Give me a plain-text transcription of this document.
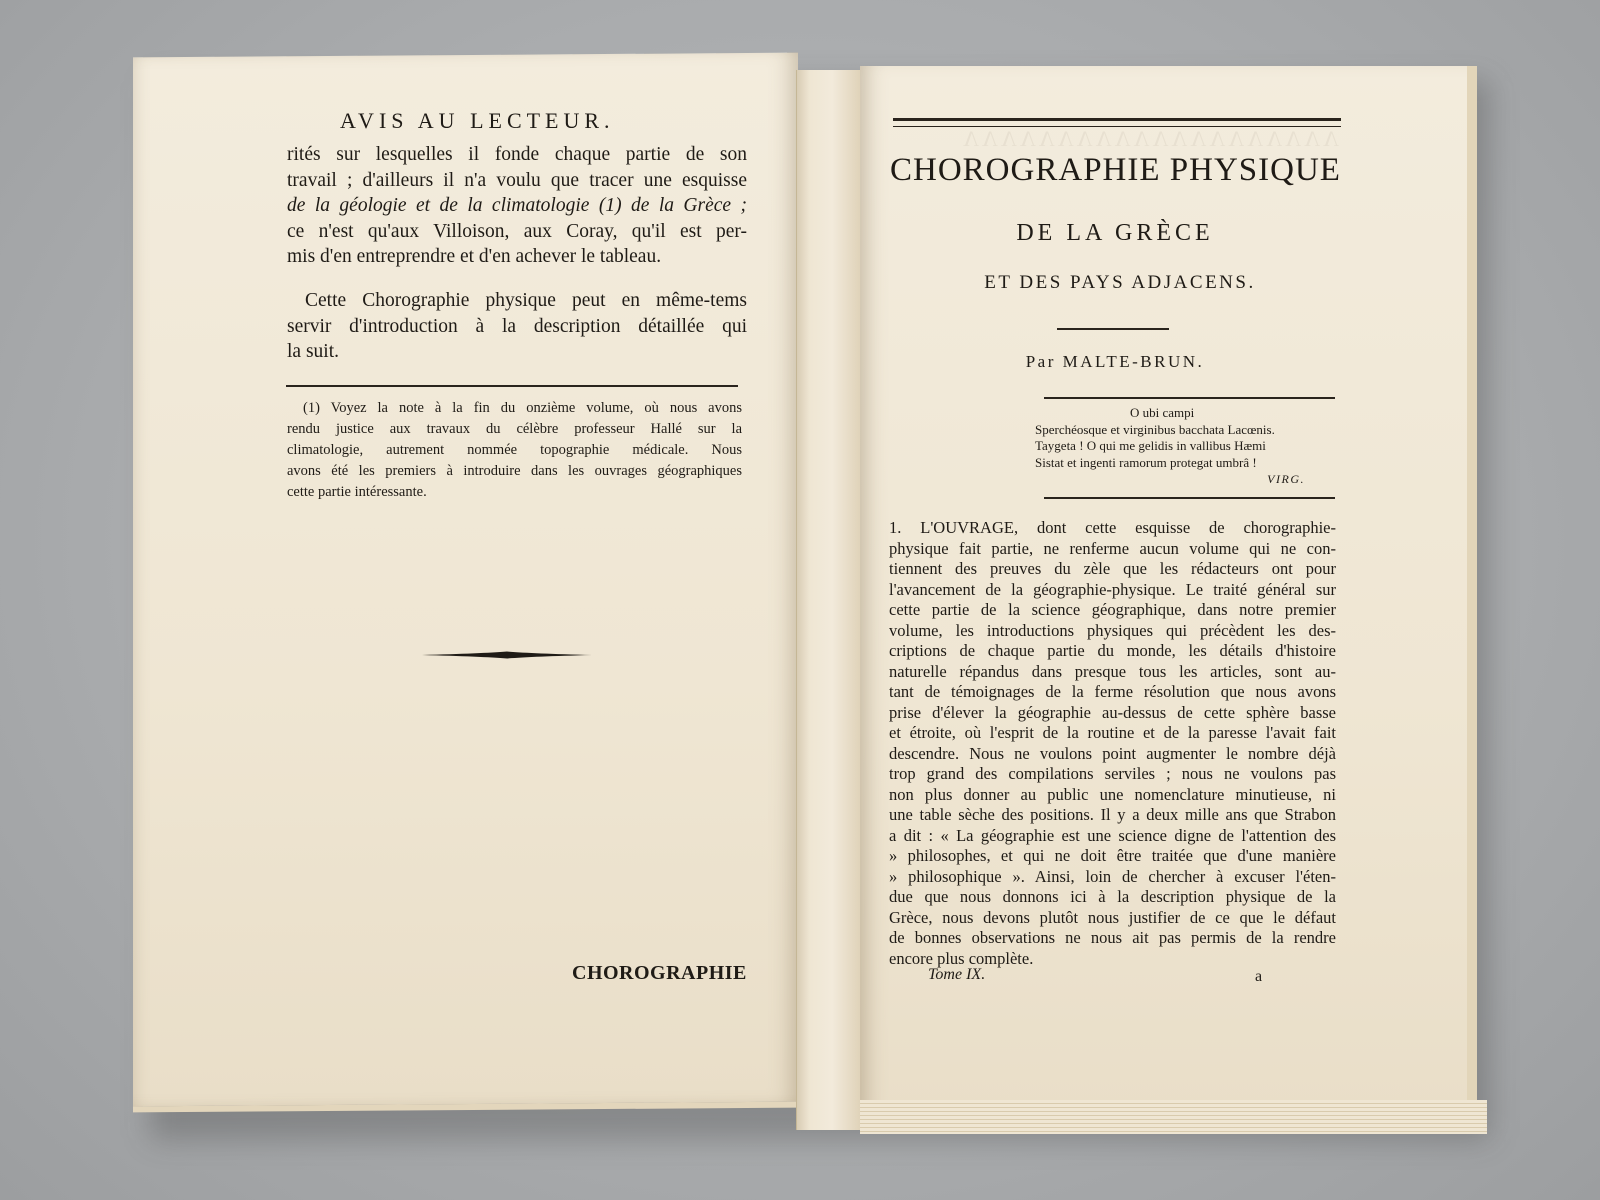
AVIS AU LECTEUR.
rités sur lesquelles il fonde chaque partie de son
travail ; d'ailleurs il n'a voulu que tracer une esquisse
de la géologie et de la climatologie (1) de la Grèce ;
ce n'est qu'aux Villoison, aux Coray, qu'il est per-
mis d'en entreprendre et d'en achever le tableau.
Cette Chorographie physique peut en même-tems
servir d'introduction à la description détaillée qui
la suit.
(1) Voyez la note à la fin du onzième volume, où nous avons
rendu justice aux travaux du célèbre professeur Hallé sur la
climatologie, autrement nommée topographie médicale. Nous
avons été les premiers à introduire dans les ouvrages géographiques
cette partie intéressante.
CHOROGRAPHIE
CHOROGRAPHIE PHYSIQUE
DE LA GRÈCE
ET DES PAYS ADJACENS.
Par MALTE-BRUN.
O ubi campi
Sperchéosque et virginibus bacchata Lacœnis.
Taygeta ! O qui me gelidis in vallibus Hæmi
Sistat et ingenti ramorum protegat umbrâ !
VIRG.
1. L'OUVRAGE, dont cette esquisse de chorographie-
physique fait partie, ne renferme aucun volume qui ne con-
tiennent des preuves du zèle que les rédacteurs ont pour
l'avancement de la géographie-physique. Le traité général sur
cette partie de la science géographique, dans notre premier
volume, les introductions physiques qui précèdent les des-
criptions de chaque partie du monde, les détails d'histoire
naturelle répandus dans presque tous les articles, sont au-
tant de témoignages de la ferme résolution que nous avons
prise d'élever la géographie au-dessus de cette sphère basse
et étroite, où l'esprit de la routine et de la paresse l'avait fait
descendre. Nous ne voulons point augmenter le nombre déjà
trop grand des compilations serviles ; nous ne voulons pas
non plus donner au public une nomenclature minutieuse, ni
une table sèche des positions. Il y a deux mille ans que Strabon
a dit : « La géographie est une science digne de l'attention des
» philosophes, et qui ne doit être traitée que d'une manière
» philosophique ». Ainsi, loin de chercher à excuser l'éten-
due que nous donnons ici à la description physique de la
Grèce, nous devons plutôt nous justifier de ce que le défaut
de bonnes observations ne nous ait pas permis de la rendre
encore plus complète.
Tome IX.	a
